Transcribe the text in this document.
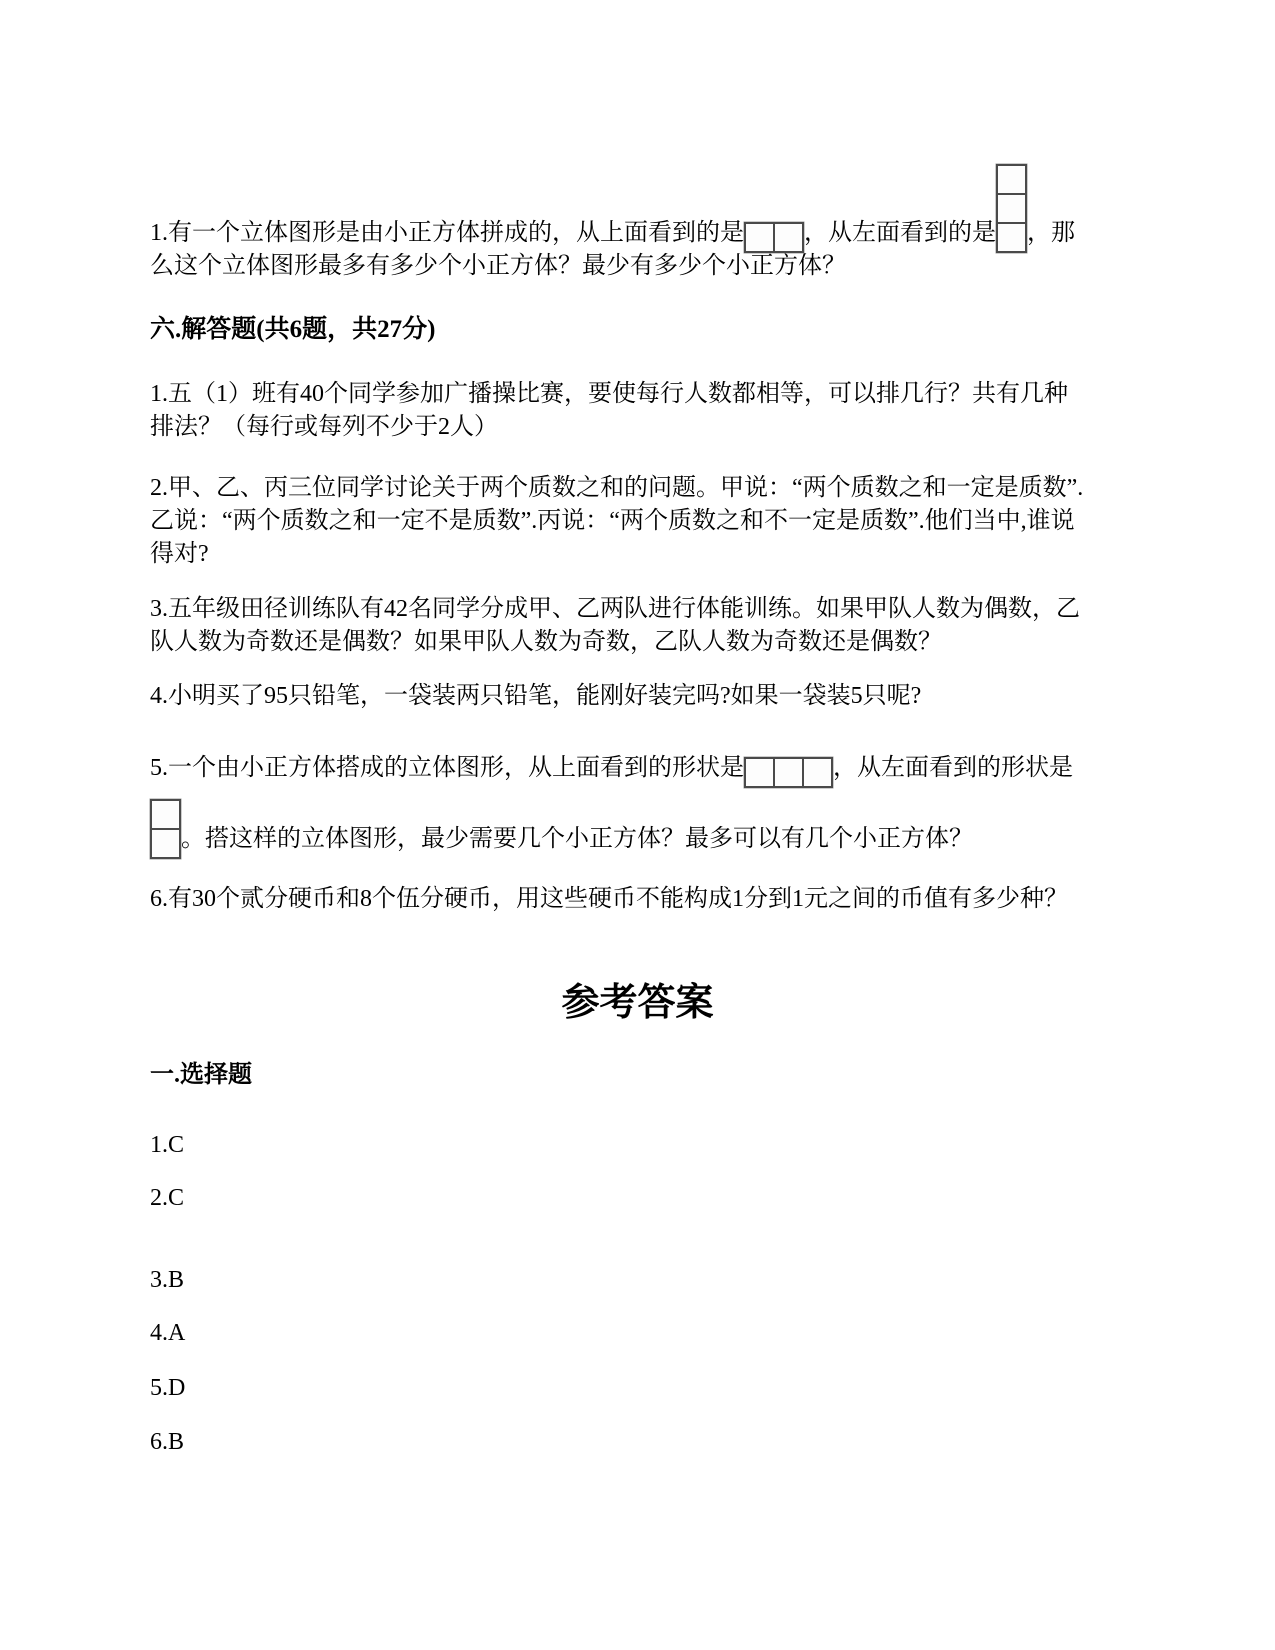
1.有一个立体图形是由小正方体拼成的，从上面看到的是	，从左面看到的是 ，那
么这个立体图形最多有多少个小正方体？最少有多少个小正方体？
六.解答题(共6题，共27分)
1.五（1）班有40个同学参加广播操比赛，要使每行人数都相等，可以排几行？共有几种
排法？（每行或每列不少于2人）
2.甲、乙、丙三位同学讨论关于两个质数之和的问题。甲说：“两个质数之和一定是质数”.
乙说：“两个质数之和一定不是质数”.丙说：“两个质数之和不一定是质数”.他们当中,谁说
得对?
3.五年级田径训练队有42名同学分成甲、乙两队进行体能训练。如果甲队人数为偶数，乙
队人数为奇数还是偶数？如果甲队人数为奇数，乙队人数为奇数还是偶数？
4.小明买了95只铅笔，一袋装两只铅笔，能刚好装完吗?如果一袋装5只呢?
5.一个由小正方体搭成的立体图形，从上面看到的形状是	，从左面看到的形状是
。搭这样的立体图形，最少需要几个小正方体？最多可以有几个小正方体？
6.有30个贰分硬币和8个伍分硬币，用这些硬币不能构成1分到1元之间的币值有多少种？
参考答案
一.选择题
1.C
2.C
3.B
4.A
5.D
6.B
